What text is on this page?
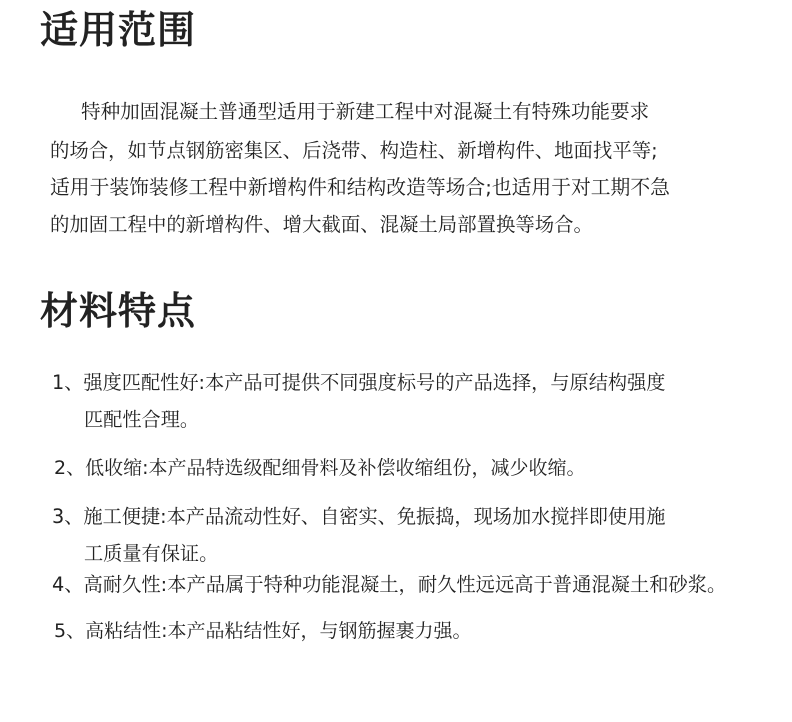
适用范围

特种加固混凝土普通型适用于新建工程中对混凝土有特殊功能要求

的场合，如节点钢筋密集区、后浇带、构造柱、新增构件、地面找平等;

适用于装饰装修工程中新增构件和结构改造等场合;也适用于对工期不急

的加固工程中的新增构件、增大截面、混凝土局部置换等场合。

材料特点

1、强度匹配性好:本产品可提供不同强度标号的产品选择，与原结构强度

匹配性合理。

2、低收缩:本产品特选级配细骨料及补偿收缩组份，减少收缩。

3、施工便捷:本产品流动性好、自密实、免振捣，现场加水搅拌即使用施

工质量有保证。

4、高耐久性:本产品属于特种功能混凝土，耐久性远远高于普通混凝土和砂浆。

5、高粘结性:本产品粘结性好，与钢筋握裹力强。
